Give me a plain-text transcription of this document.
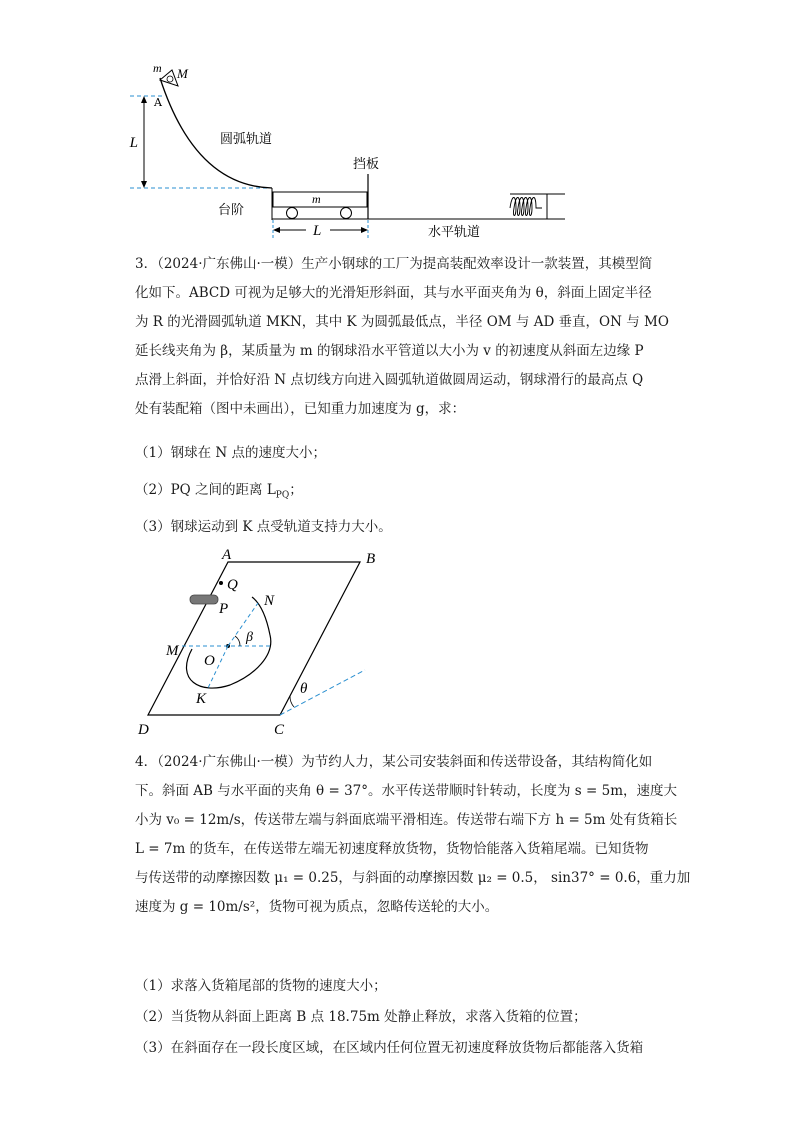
L
m M
A
圆弧轨道
台阶
m
挡板
水平轨道
L
3．（2024·广东佛山·一模）生产小钢球的工厂为提高装配效率设计一款装置，其模型简
化如下。ABCD 可视为足够大的光滑矩形斜面，其与水平面夹角为 θ，斜面上固定半径
为 R 的光滑圆弧轨道 MKN，其中 K 为圆弧最低点，半径 OM 与 AD 垂直，ON 与 MO
延长线夹角为 β，某质量为 m 的钢球沿水平管道以大小为 v 的初速度从斜面左边缘 P
点滑上斜面，并恰好沿 N 点切线方向进入圆弧轨道做圆周运动，钢球滑行的最高点 Q
处有装配箱（图中未画出），已知重力加速度为 g，求：

（1）钢球在 N 点的速度大小；

（2）PQ 之间的距离 $L_{PQ}$；

（3）钢球运动到 K 点受轨道支持力大小。

A	B
C
D
Q
P N
M
O
K
β
θ
4．（2024·广东佛山·一模）为节约人力，某公司安装斜面和传送带设备，其结构简化如
下。斜面 AB 与水平面的夹角 θ = 37°。水平传送带顺时针转动，长度为 s = 5m，速度大
小为 v₀ = 12m/s，传送带左端与斜面底端平滑相连。传送带右端下方 h = 5m 处有货箱长
L = 7m 的货车，在传送带左端无初速度释放货物，货物恰能落入货箱尾端。已知货物
与传送带的动摩擦因数 μ₁ = 0.25，与斜面的动摩擦因数 μ₂ = 0.5， sin37° = 0.6，重力加
速度为 g = 10m/s²，货物可视为质点，忽略传送轮的大小。

（1）求落入货箱尾部的货物的速度大小；

（2）当货物从斜面上距离 B 点 18.75m 处静止释放，求落入货箱的位置；

（3）在斜面存在一段长度区域，在区域内任何位置无初速度释放货物后都能落入货箱
